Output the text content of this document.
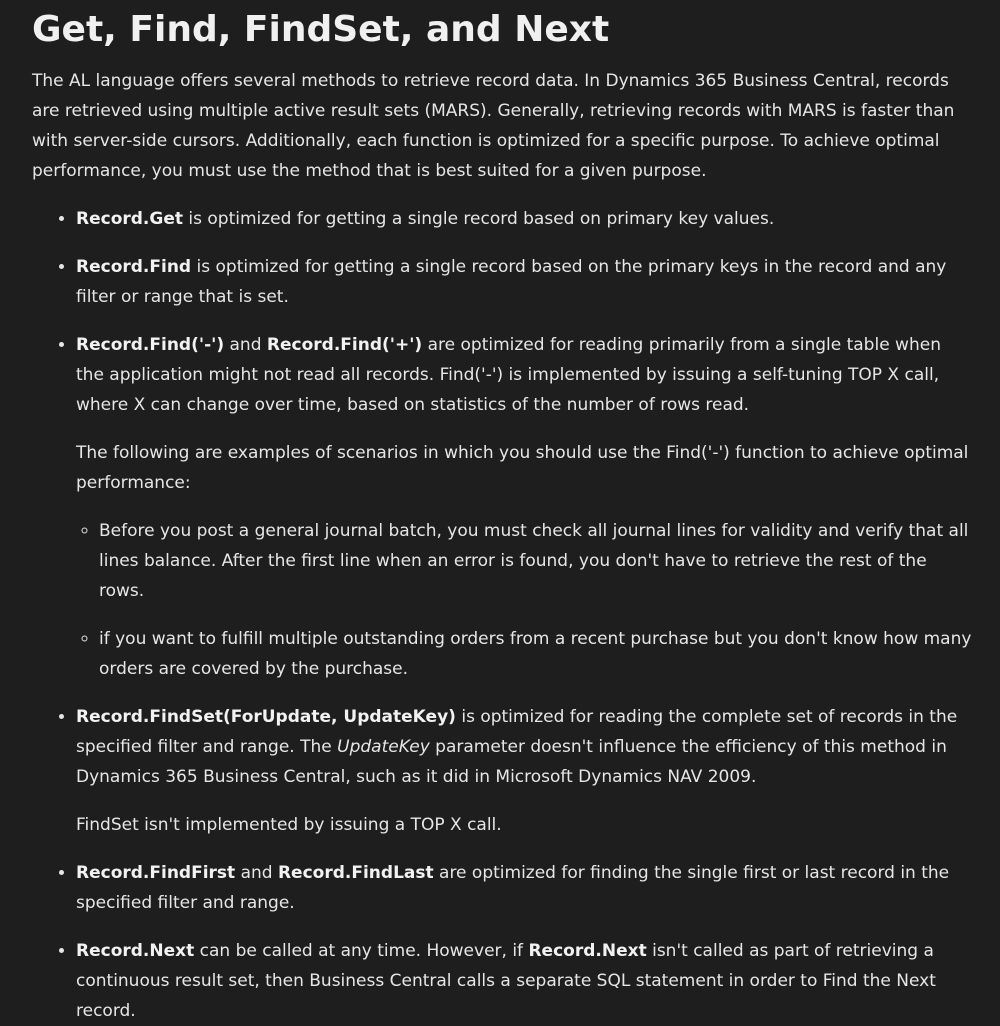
Get, Find, FindSet, and Next

The AL language offers several methods to retrieve record data. In Dynamics 365 Business Central, records are retrieved using multiple active result sets (MARS). Generally, retrieving records with MARS is faster than with server-side cursors. Additionally, each function is optimized for a specific purpose. To achieve optimal performance, you must use the method that is best suited for a given purpose.

• Record.Get is optimized for getting a single record based on primary key values.
• Record.Find is optimized for getting a single record based on the primary keys in the record and any filter or range that is set.

• Record.Find('-') and Record.Find('+') are optimized for reading primarily from a single table when the application might not read all records. Find('-') is implemented by issuing a self-tuning TOP X call, where X can change over time, based on statistics of the number of rows read.

The following are examples of scenarios in which you should use the Find('-') function to achieve optimal performance:

◦ Before you post a general journal batch, you must check all journal lines for validity and verify that all lines balance. After the first line when an error is found, you don't have to retrieve the rest of the rows.
◦ if you want to fulfill multiple outstanding orders from a recent purchase but you don't know how many orders are covered by the purchase.

• Record.FindSet(ForUpdate, UpdateKey) is optimized for reading the complete set of records in the specified filter and range. The UpdateKey parameter doesn't influence the efficiency of this method in Dynamics 365 Business Central, such as it did in Microsoft Dynamics NAV 2009.

FindSet isn't implemented by issuing a TOP X call.

• Record.FindFirst and Record.FindLast are optimized for finding the single first or last record in the specified filter and range.
• Record.Next can be called at any time. However, if Record.Next isn't called as part of retrieving a continuous result set, then Business Central calls a separate SQL statement in order to Find the Next record.
